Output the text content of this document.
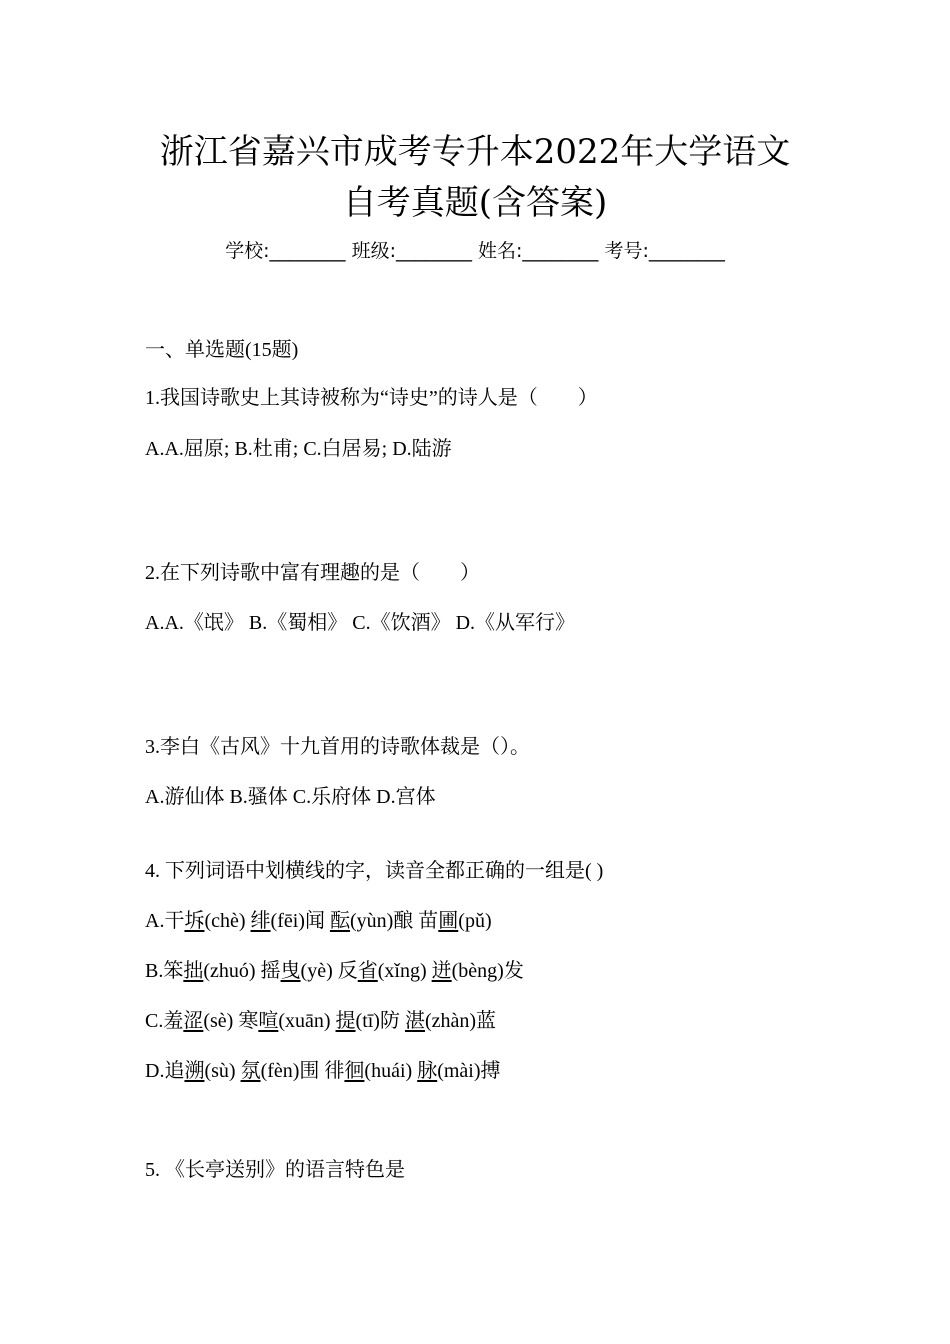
浙江省嘉兴市成考专升本2022年大学语文
自考真题(含答案)
学校:________ 班级:________ 姓名:________ 考号:________
一、单选题(15题)
1.我国诗歌史上其诗被称为“诗史”的诗人是（　　）
A.A.屈原; B.杜甫; C.白居易; D.陆游
2.在下列诗歌中富有理趣的是（　　）
A.A.《氓》 B.《蜀相》 C.《饮酒》 D.《从军行》
3.李白《古风》十九首用的诗歌体裁是（）。
A.游仙体 B.骚体 C.乐府体 D.宫体
4. 下列词语中划横线的字，读音全都正确的一组是( )
A.干坼(chè) 绯(fēi)闻 酝(yùn)酿 苗圃(pǔ)
B.笨拙(zhuó) 摇曳(yè) 反省(xǐng) 迸(bèng)发
C.羞涩(sè) 寒喧(xuān) 提(tī)防 湛(zhàn)蓝
D.追溯(sù) 氛(fèn)围 徘徊(huái) 脉(mài)搏
5. 《长亭送别》的语言特色是
